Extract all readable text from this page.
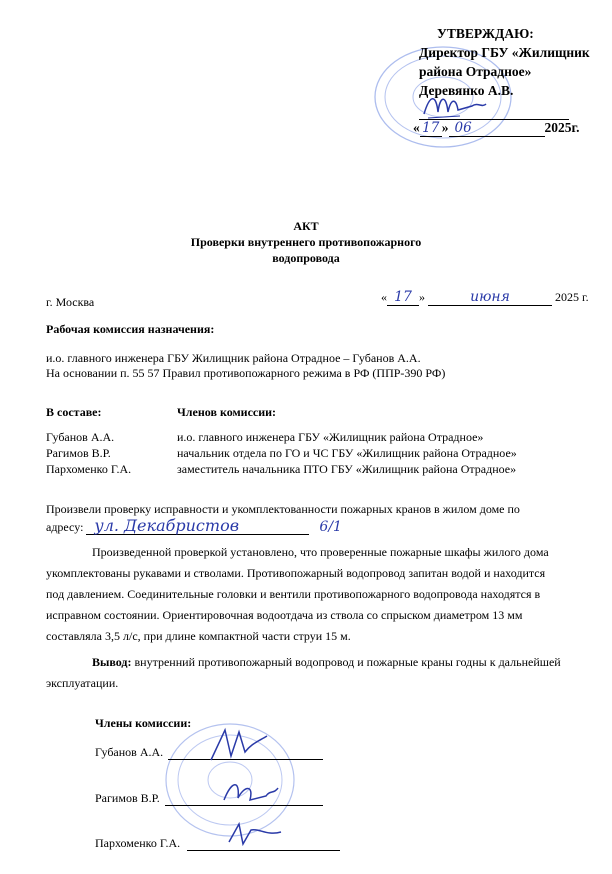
УТВЕРЖДАЮ:
Директор ГБУ «Жилищник
района Отрадное»
Деревянко А.В.
« 17 » 06	2025г.
АКТ
Проверки внутреннего противопожарного
водопровода
г. Москва	« 17 »	июня	2025 г.
Рабочая комиссия назначения:
и.о. главного инженера ГБУ Жилищник района Отрадное – Губанов А.А.
На основании п. 55 57 Правил противопожарного режима в РФ (ППР-390 РФ)
В составе:	Членов комиссии:
Губанов А.А.	и.о. главного инженера ГБУ «Жилищник района Отрадное»
Рагимов В.Р.	начальник отдела по ГО и ЧС ГБУ «Жилищник района Отрадное»
Пархоменко Г.А.	заместитель начальника ПТО ГБУ «Жилищник района Отрадное»
Произвели проверку исправности и укомплектованности пожарных кранов в жилом доме по
адресу: ул. Декабристов	6/1
Произведенной проверкой установлено, что проверенные пожарные шкафы жилого дома
укомплектованы рукавами и стволами. Противопожарный водопровод запитан водой и находится
под давлением. Соединительные головки и вентили противопожарного водопровода находятся в
исправном состоянии. Ориентировочная водоотдача из ствола со спрыском диаметром 13 мм
составляла 3,5 л/с, при длине компактной части струи 15 м.
Вывод: внутренний противопожарный водопровод и пожарные краны годны к дальнейшей
эксплуатации.
Члены комиссии:
Губанов А.А.
Рагимов В.Р.
Пархоменко Г.А.
